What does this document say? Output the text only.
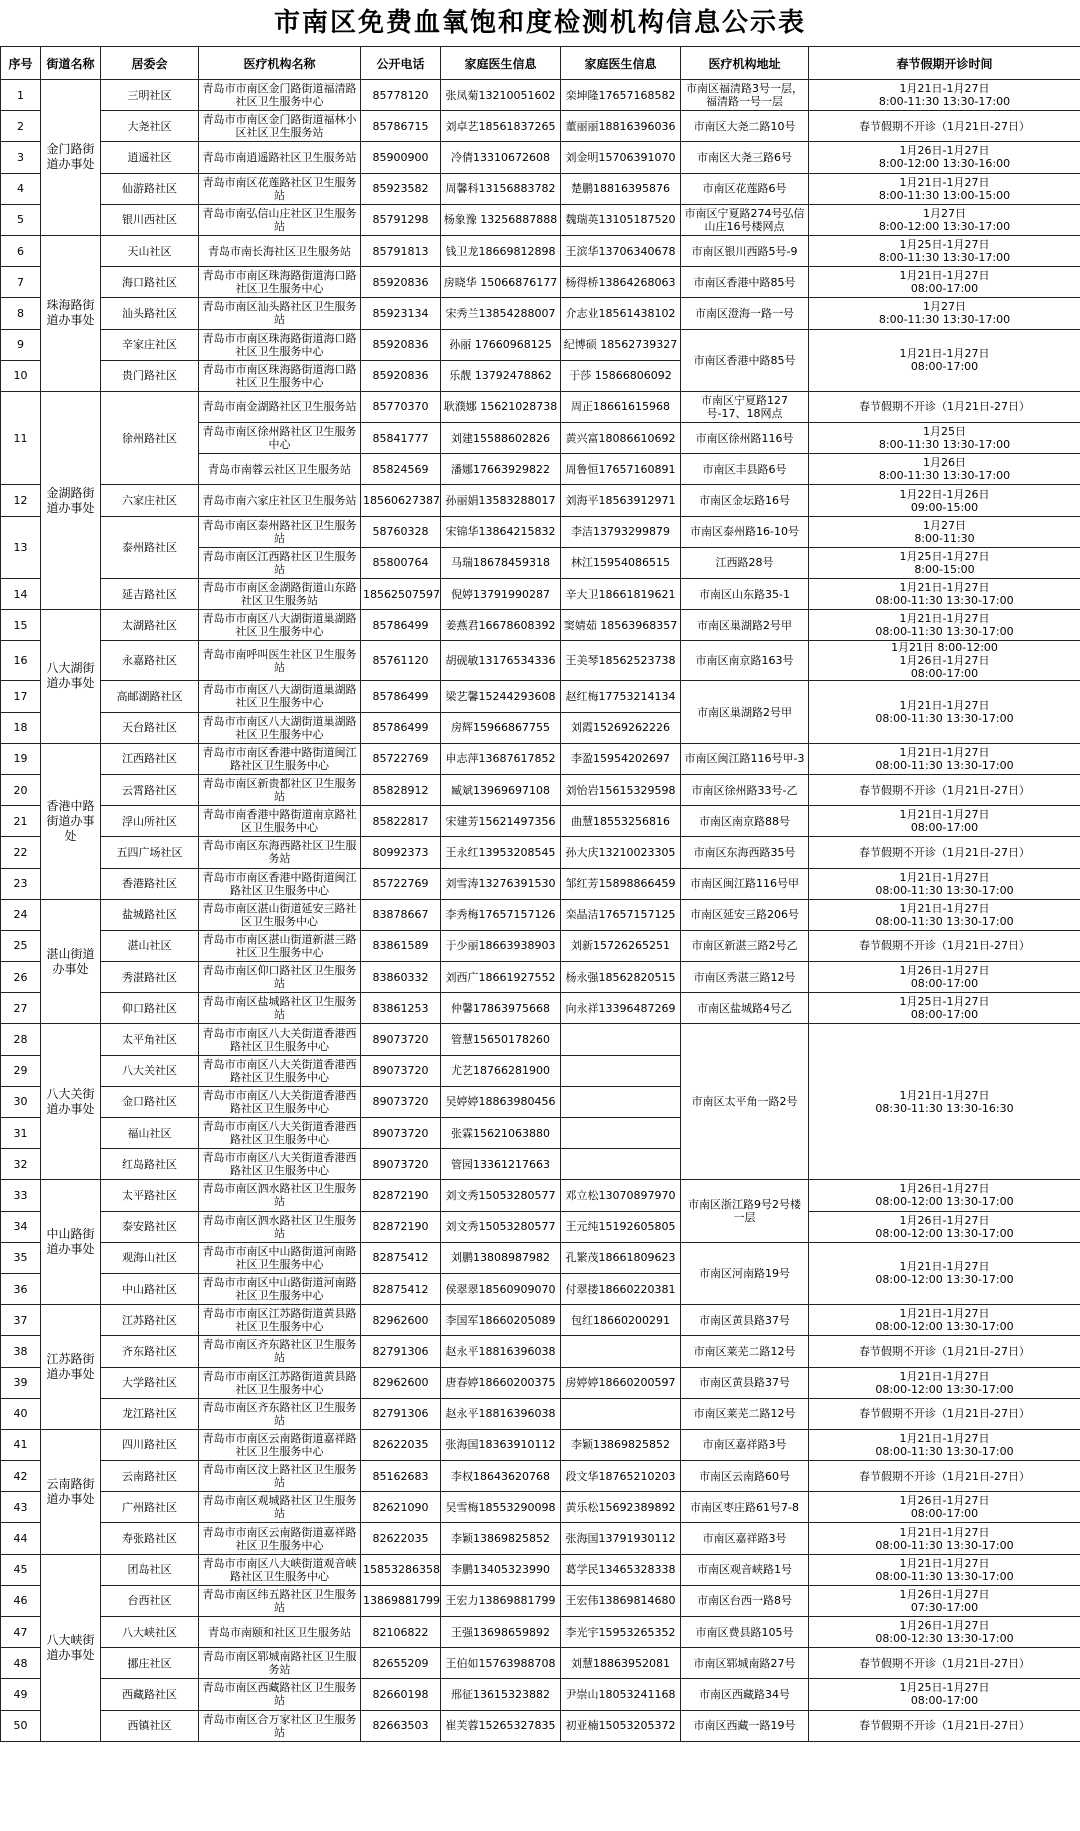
市南区免费血氧饱和度检测机构信息公示表
序号	街道名称	居委会	医疗机构名称	公开电话	家庭医生信息	家庭医生信息	医疗机构地址	春节假期开诊时间
1	金门路街道办事处	三明社区	青岛市市南区金门路街道福清路社区卫生服务中心	85778120	张凤菊13210051602	栾坤隆17657168582	市南区福清路3号一层，福清路一号一层	1月21日-1月27日
8:00-11:30 13:30-17:00
2		大尧社区	青岛市市南区金门路街道福林小区社区卫生服务站	85786715	刘卓艺18561837265	董丽丽18816396036	市南区大尧二路10号	春节假期不开诊（1月21日-27日）
3		逍遥社区	青岛市南逍遥路社区卫生服务站	85900900	冷倩13310672608	刘金明15706391070	市南区大尧三路6号	1月26日-1月27日
8:00-12:00 13:30-16:00
4		仙游路社区	青岛市南区花莲路社区卫生服务站	85923582	周馨科13156883782	楚鹏18816395876	市南区花莲路6号	1月21日-1月27日
8:00-11:30 13:00-15:00
5		银川西社区	青岛市南弘信山庄社区卫生服务站	85791298	杨象豫 13256887888	魏瑞英13105187520	市南区宁夏路274号弘信山庄16号楼网点	1月27日
8:00-12:00 13:30-17:00
6	珠海路街道办事处	天山社区	青岛市南长海社区卫生服务站	85791813	钱卫龙18669812898	王滨华13706340678	市南区银川西路5号-9	1月25日-1月27日
8:00-11:30 13:30-17:00
7		海口路社区	青岛市市南区珠海路街道海口路社区卫生服务中心	85920836	房晓华 15066876177	杨得桥13864268063	市南区香港中路85号	1月21日-1月27日
08:00-17:00
8		汕头路社区	青岛市南区汕头路社区卫生服务站	85923134	宋秀兰13854288007	介志业18561438102	市南区澄海一路一号	1月27日
8:00-11:30 13:30-17:00
9		辛家庄社区	青岛市市南区珠海路街道海口路社区卫生服务中心	85920836	孙丽 17660968125	纪博硕 18562739327	市南区香港中路85号	1月21日-1月27日
08:00-17:00
10		贵门路社区	青岛市市南区珠海路街道海口路社区卫生服务中心	85920836	乐靓 13792478862	于莎 15866806092		
11	金湖路街道办事处	徐州路社区	青岛市南金湖路社区卫生服务站	85770370	耿濮娜 15621028738	周正18661615968	市南区宁夏路127号-17、18网点	春节假期不开诊（1月21日-27日）
			青岛市南区徐州路社区卫生服务中心	85841777	刘建15588602826	黄兴富18086610692	市南区徐州路116号	1月25日
8:00-11:30 13:30-17:00
			青岛市南蓉云社区卫生服务站	85824569	潘娜17663929822	周鲁恒17657160891	市南区丰县路6号	1月26日
8:00-11:30 13:30-17:00
12		六家庄社区	青岛市南六家庄社区卫生服务站	18560627387	孙丽娟13583288017	刘海平18563912971	市南区金坛路16号	1月22日-1月26日
09:00-15:00
13		泰州路社区	青岛市南区泰州路社区卫生服务站	58760328	宋锦华13864215832	李洁13793299879	市南区泰州路16-10号	1月27日
8:00-11:30
			青岛市南区江西路社区卫生服务站	85800764	马瑞18678459318	林江15954086515	江西路28号	1月25日-1月27日
8:00-15:00
14		延吉路社区	青岛市市南区金湖路街道山东路社区卫生服务站	18562507597	倪婷13791990287	辛大卫18661819621	市南区山东路35-1	1月21日-1月27日
08:00-11:30 13:30-17:00
15	八大湖街道办事处	太湖路社区	青岛市市南区八大湖街道巢湖路社区卫生服务中心	85786499	姜燕君16678608392	窦婧茹 18563968357	市南区巢湖路2号甲	1月21日-1月27日
08:00-11:30 13:30-17:00
16		永嘉路社区	青岛市南呼叫医生社区卫生服务站	85761120	胡砚敏13176534336	王美琴18562523738	市南区南京路163号	1月21日 8:00-12:00
1月26日-1月27日
08:00-17:00
17		高邮湖路社区	青岛市市南区八大湖街道巢湖路社区卫生服务中心	85786499	梁艺馨15244293608	赵红梅17753214134	市南区巢湖路2号甲	1月21日-1月27日
08:00-11:30 13:30-17:00
18		天台路社区	青岛市市南区八大湖街道巢湖路社区卫生服务中心	85786499	房辉15966867755	刘霞15269262226		
19	香港中路街道办事处	江西路社区	青岛市市南区香港中路街道闽江路社区卫生服务中心	85722769	申志萍13687617852	李盈15954202697	市南区闽江路116号甲-3	1月21日-1月27日
08:00-11:30 13:30-17:00
20		云霄路社区	青岛市南区新贵都社区卫生服务站	85828912	臧斌13969697108	刘怡岩15615329598	市南区徐州路33号-乙	春节假期不开诊（1月21日-27日）
21		浮山所社区	青岛市南香港中路街道南京路社区卫生服务中心	85822817	宋建芳15621497356	曲慧18553256816	市南区南京路88号	1月21日-1月27日
08:00-17:00
22		五四广场社区	青岛市南区东海西路社区卫生服务站	80992373	王永红13953208545	孙大庆13210023305	市南区东海西路35号	春节假期不开诊（1月21日-27日）
23		香港路社区	青岛市市南区香港中路街道闽江路社区卫生服务中心	85722769	刘雪涛13276391530	邹红芳15898866459	市南区闽江路116号甲	1月21日-1月27日
08:00-11:30 13:30-17:00
24	湛山街道办事处	盐城路社区	青岛市南区湛山街道延安三路社区卫生服务中心	83878667	李秀梅17657157126	栾晶洁17657157125	市南区延安三路206号	1月21日-1月27日
08:00-11:30 13:30-17:00
25		湛山社区	青岛市市南区湛山街道新湛三路社区卫生服务中心	83861589	于少丽18663938903	刘新15726265251	市南区新湛三路2号乙	春节假期不开诊（1月21日-27日）
26		秀湛路社区	青岛市南区仰口路社区卫生服务站	83860332	刘西广18661927552	杨永强18562820515	市南区秀湛三路12号	1月26日-1月27日
08:00-17:00
27		仰口路社区	青岛市南区盐城路社区卫生服务站	83861253	仲馨17863975668	向永祥13396487269	市南区盐城路4号乙	1月25日-1月27日
08:00-17:00
28	八大关街道办事处	太平角社区	青岛市市南区八大关街道香港西路社区卫生服务中心	89073720	管慧15650178260		市南区太平角一路2号	1月21日-1月27日
08:30-11:30 13:30-16:30
29		八大关社区	青岛市市南区八大关街道香港西路社区卫生服务中心	89073720	尤艺18766281900			
30		金口路社区	青岛市市南区八大关街道香港西路社区卫生服务中心	89073720	吴婷婷18863980456			
31		福山社区	青岛市市南区八大关街道香港西路社区卫生服务中心	89073720	张霖15621063880			
32		红岛路社区	青岛市市南区八大关街道香港西路社区卫生服务中心	89073720	管园13361217663			
33	中山路街道办事处	太平路社区	青岛市南区泗水路社区卫生服务站	82872190	刘文秀15053280577	邓立松13070897970	市南区浙江路9号2号楼一层	1月26日-1月27日
08:00-12:00 13:30-17:00
34		泰安路社区	青岛市南区泗水路社区卫生服务站	82872190	刘文秀15053280577	王元纯15192605805		1月26日-1月27日
08:00-12:00 13:30-17:00
35		观海山社区	青岛市市南区中山路街道河南路社区卫生服务中心	82875412	刘鹏13808987982	孔繁茂18661809623	市南区河南路19号	1月21日-1月27日
08:00-12:00 13:30-17:00
36		中山路社区	青岛市市南区中山路街道河南路社区卫生服务中心	82875412	侯翠翠18560909070	付翠搂18660220381		
37	江苏路街道办事处	江苏路社区	青岛市市南区江苏路街道黄县路社区卫生服务中心	82962600	李国军18660205089	包红18660200291	市南区黄县路37号	1月21日-1月27日
08:00-12:00 13:30-17:00
38		齐东路社区	青岛市南区齐东路社区卫生服务站	82791306	赵永平18816396038		市南区莱芜二路12号	春节假期不开诊（1月21日-27日）
39		大学路社区	青岛市市南区江苏路街道黄县路社区卫生服务中心	82962600	唐春婷18660200375	房婷婷18660200597	市南区黄县路37号	1月21日-1月27日
08:00-12:00 13:30-17:00
40		龙江路社区	青岛市南区齐东路社区卫生服务站	82791306	赵永平18816396038		市南区莱芜二路12号	春节假期不开诊（1月21日-27日）
41	云南路街道办事处	四川路社区	青岛市市南区云南路街道嘉祥路社区卫生服务中心	82622035	张海国18363910112	李颖13869825852	市南区嘉祥路3号	1月21日-1月27日
08:00-11:30 13:30-17:00
42		云南路社区	青岛市南区汶上路社区卫生服务站	85162683	李权18643620768	段文华18765210203	市南区云南路60号	春节假期不开诊（1月21日-27日）
43		广州路社区	青岛市南区观城路社区卫生服务站	82621090	吴雪梅18553290098	黄乐松15692389892	市南区枣庄路61号7-8	1月26日-1月27日
08:00-17:00
44		寿张路社区	青岛市市南区云南路街道嘉祥路社区卫生服务中心	82622035	李颖13869825852	张海国13791930112	市南区嘉祥路3号	1月21日-1月27日
08:00-11:30 13:30-17:00
45	八大峡街道办事处	团岛社区	青岛市市南区八大峡街道观音峡路社区卫生服务中心	15853286358	李鹏13405323990	葛学民13465328338	市南区观音峡路1号	1月21日-1月27日
08:00-11:30 13:30-17:00
46		台西社区	青岛市南区纬五路社区卫生服务站	13869881799	王宏力13869881799	王宏伟13869814680	市南区台西一路8号	1月26日-1月27日
07:30-17:00
47		八大峡社区	青岛市南颐和社区卫生服务站	82106822	王强13698659892	李光宇15953265352	市南区费县路105号	1月26日-1月27日
08:00-12:30 13:30-17:00
48		挪庄社区	青岛市南区郓城南路社区卫生服务站	82655209	王伯如15763988708	刘慧18863952081	市南区郓城南路27号	春节假期不开诊（1月21日-27日）
49		西藏路社区	青岛市南区西藏路社区卫生服务站	82660198	邢征13615323882	尹崇山18053241168	市南区西藏路34号	1月25日-1月27日
08:00-17:00
50		西镇社区	青岛市南区合万家社区卫生服务站	82663503	崔芙蓉15265327835	初亚楠15053205372	市南区西藏一路19号	春节假期不开诊（1月21日-27日）
